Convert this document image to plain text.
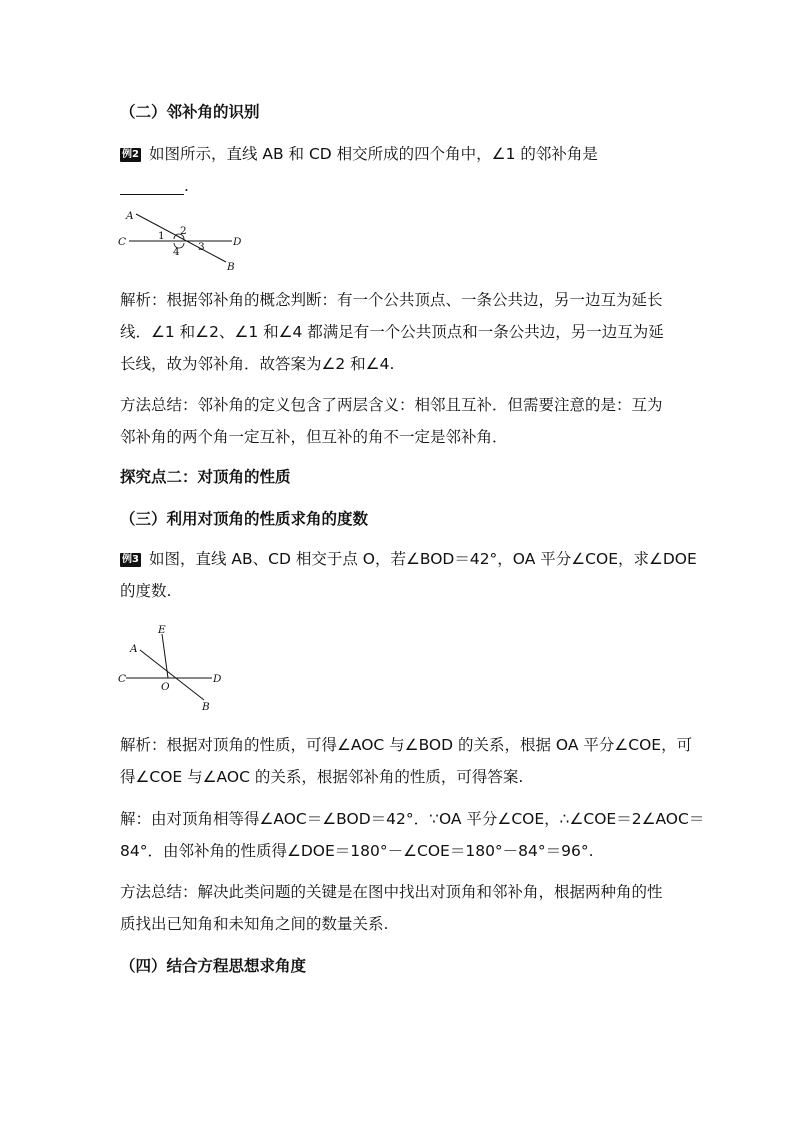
（二）邻补角的识别
例2 如图所示，直线 AB 和 CD 相交所成的四个角中，∠1 的邻补角是
.
A
B
C	D
1 2
3
4
解析：根据邻补角的概念判断：有一个公共顶点、一条公共边，另一边互为延长
线．∠1 和∠2、∠1 和∠4 都满足有一个公共顶点和一条公共边，另一边互为延
长线，故为邻补角．故答案为∠2 和∠4.
方法总结：邻补角的定义包含了两层含义：相邻且互补．但需要注意的是：互为
邻补角的两个角一定互补，但互补的角不一定是邻补角．
探究点二：对顶角的性质
（三）利用对顶角的性质求角的度数
例3 如图，直线 AB、CD 相交于点 O，若∠BOD＝42°，OA 平分∠COE，求∠DOE
的度数.
E
A
C
O
D
B
解析：根据对顶角的性质，可得∠AOC 与∠BOD 的关系，根据 OA 平分∠COE，可
得∠COE 与∠AOC 的关系，根据邻补角的性质，可得答案.
解：由对顶角相等得∠AOC＝∠BOD＝42°．∵OA 平分∠COE，∴∠COE＝2∠AOC＝
84°．由邻补角的性质得∠DOE＝180°－∠COE＝180°－84°＝96°.
方法总结：解决此类问题的关键是在图中找出对顶角和邻补角，根据两种角的性
质找出已知角和未知角之间的数量关系.
（四）结合方程思想求角度
